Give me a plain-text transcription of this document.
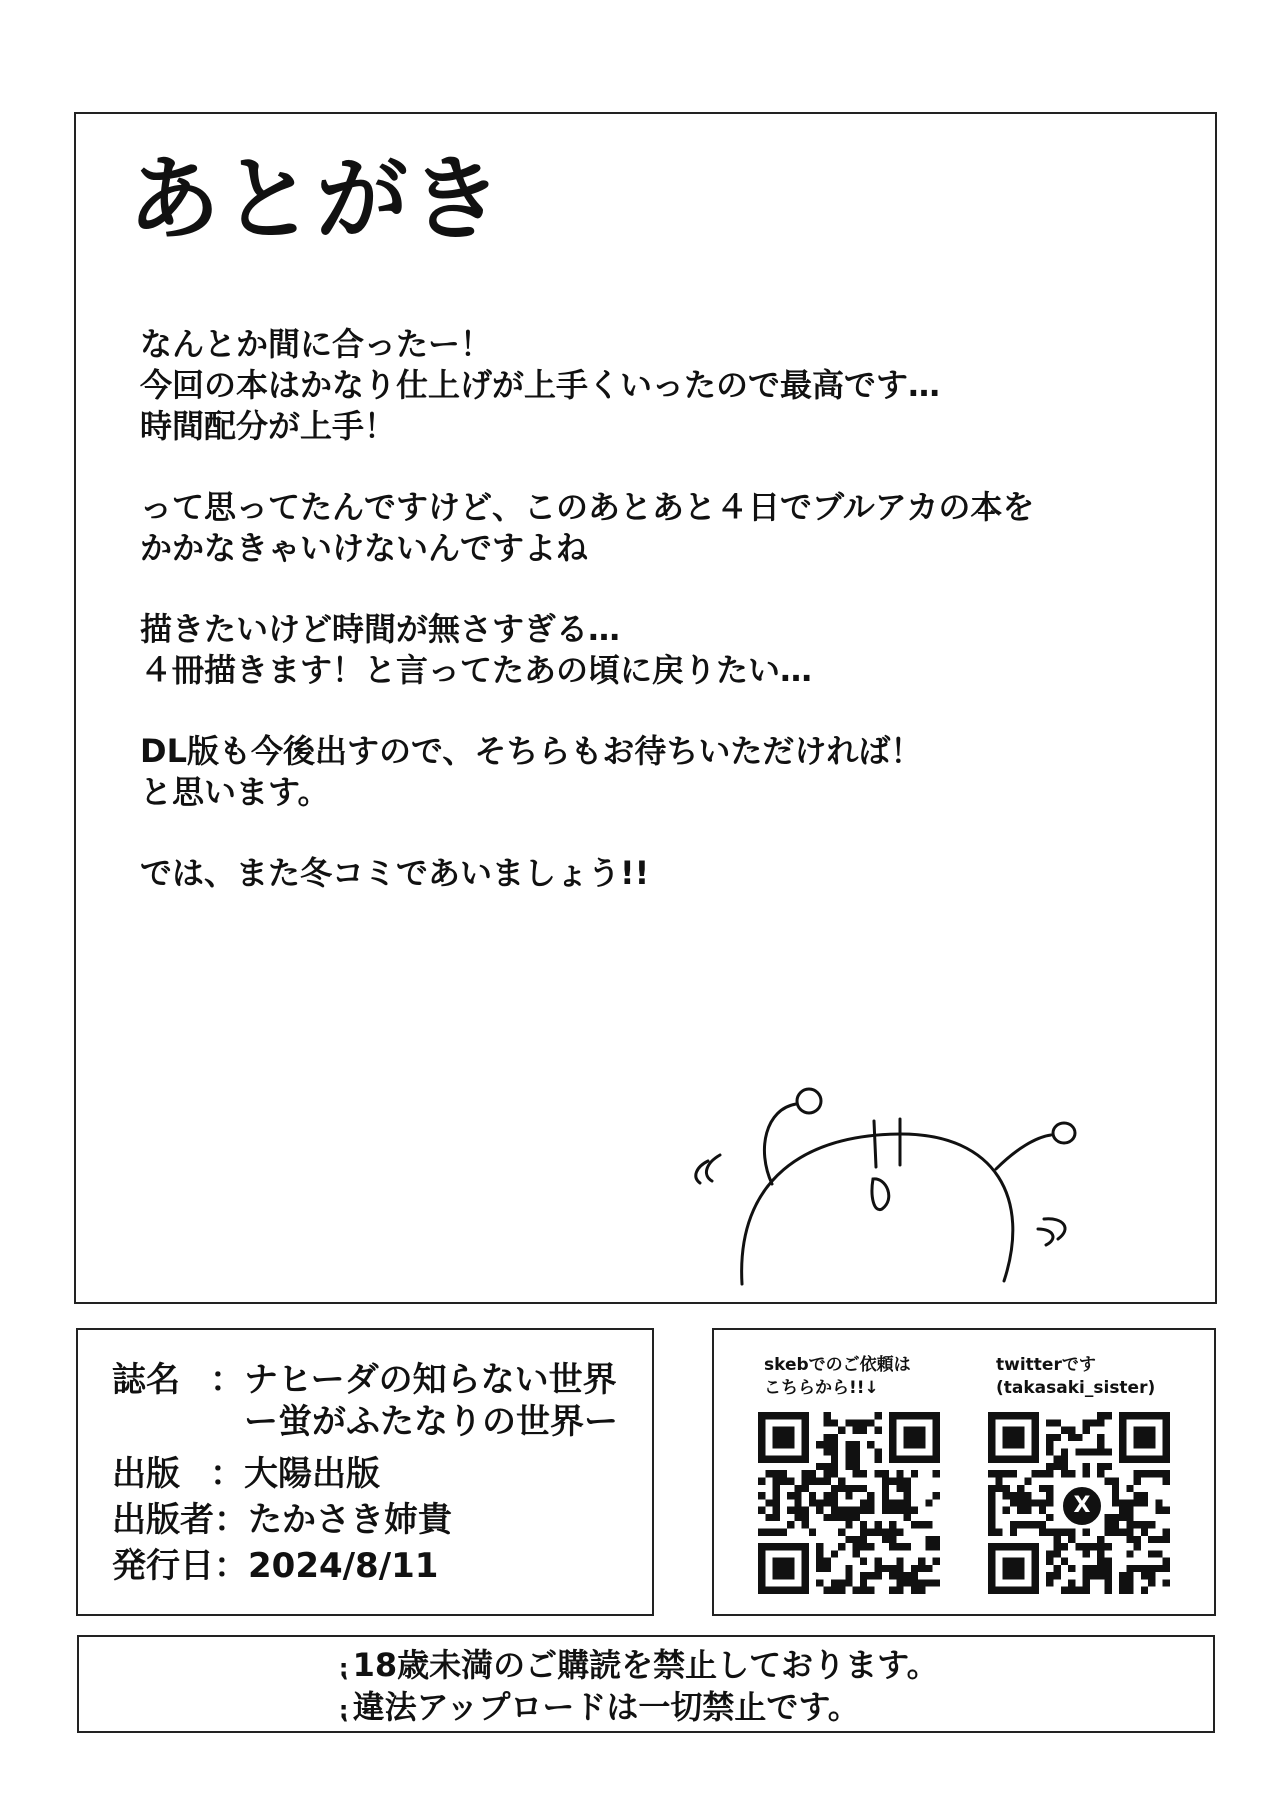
あとがき

なんとか間に合ったー！
今回の本はかなり仕上げが上手くいったので最高です…
時間配分が上手！

って思ってたんですけど、このあとあと４日でブルアカの本を
かかなきゃいけないんですよね

描きたいけど時間が無さすぎる…
４冊描きます！と言ってたあの頃に戻りたい…

DL版も今後出すので、そちらもお待ちいただければ！
と思います。

では、また冬コミであいましょう!!

誌名 ：ナヒーダの知らない世界
ー蛍がふたなりの世界ー
出版 ：大陽出版
出版者：たかさき姉貴
発行日：2024/8/11
skebでのご依頼は
こちらから!!↓
twitterです
(takasaki_sister)
X
⁏ 18歳未満のご購読を禁止しております。
⁏ 違法アップロードは一切禁止です。
